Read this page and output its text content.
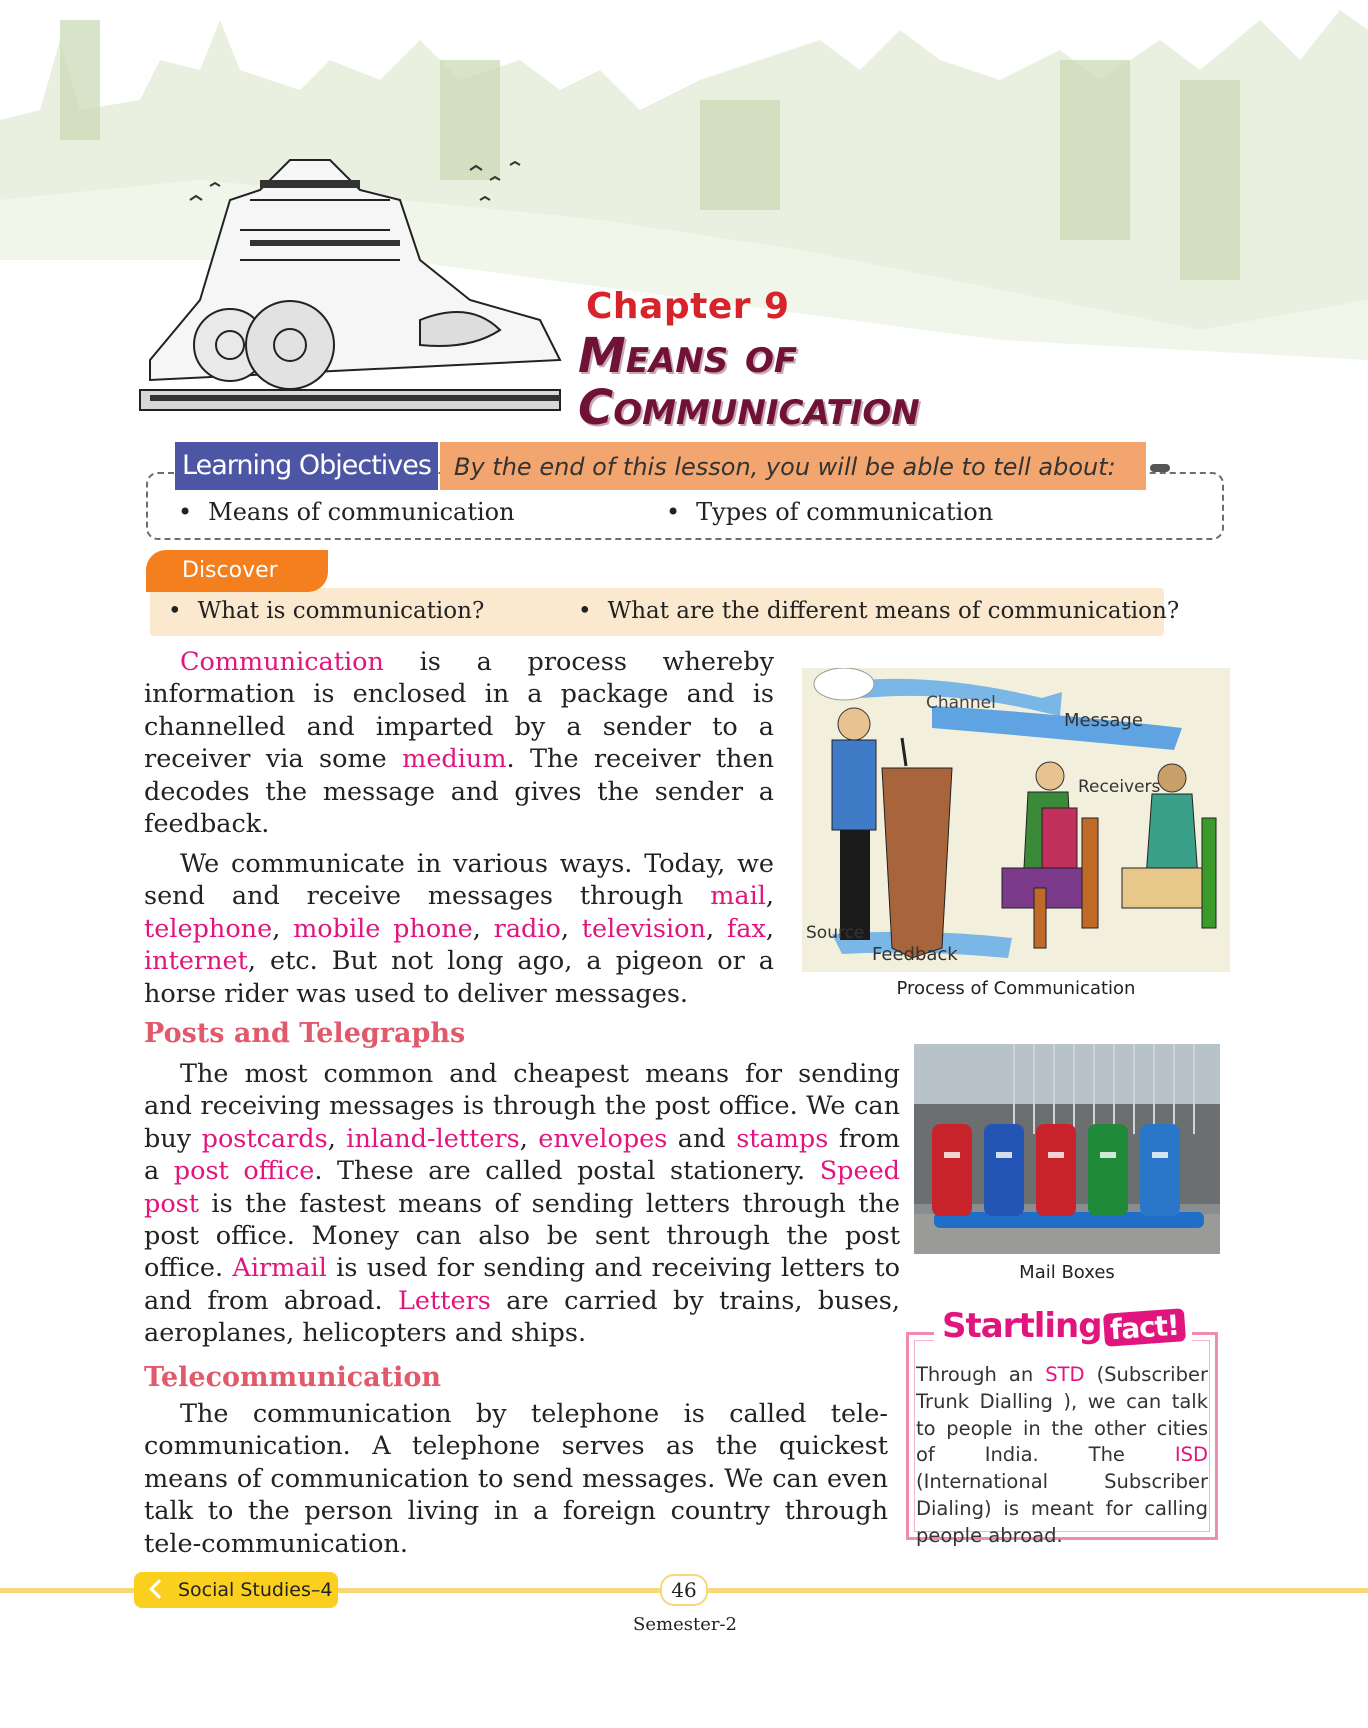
Chapter 9
Means of
Communication
Learning Objectives By the end of this lesson, you will be able to tell about:
• Means of communication	• Types of communication
Discover
• What is communication?	• What are the different means of communication?
Communication is a process whereby information is enclosed in a package and is channelled and imparted by a sender to a receiver via some medium. The receiver then decodes the message and gives the sender a feedback.
We communicate in various ways. Today, we send and receive messages through mail, telephone, mobile phone, radio, television, fax, internet, etc. But not long ago, a pigeon or a horse rider was used to deliver messages.
Channel
Message
Receivers
Source
Feedback
Process of Communication
Posts and Telegraphs
The most common and cheapest means for sending and receiving messages is through the post office. We can buy postcards, inland-letters, envelopes and stamps from a post office. These are called postal stationery. Speed post is the fastest means of sending letters through the post office. Money can also be sent through the post office. Airmail is used for sending and receiving letters to and from abroad. Letters are carried by trains, buses, aeroplanes, helicopters and ships.
Mail Boxes
Startling fact!
Through an STD (Subscriber Trunk Dialling ), we can talk to people in the other cities of India. The ISD (International Subscriber Dialing) is meant for calling people abroad.
Telecommunication
The communication by telephone is called tele-communication. A telephone serves as the quickest means of communication to send messages. We can even talk to the person living in a foreign country through tele-communication.
Social Studies–4	46
Semester-2
